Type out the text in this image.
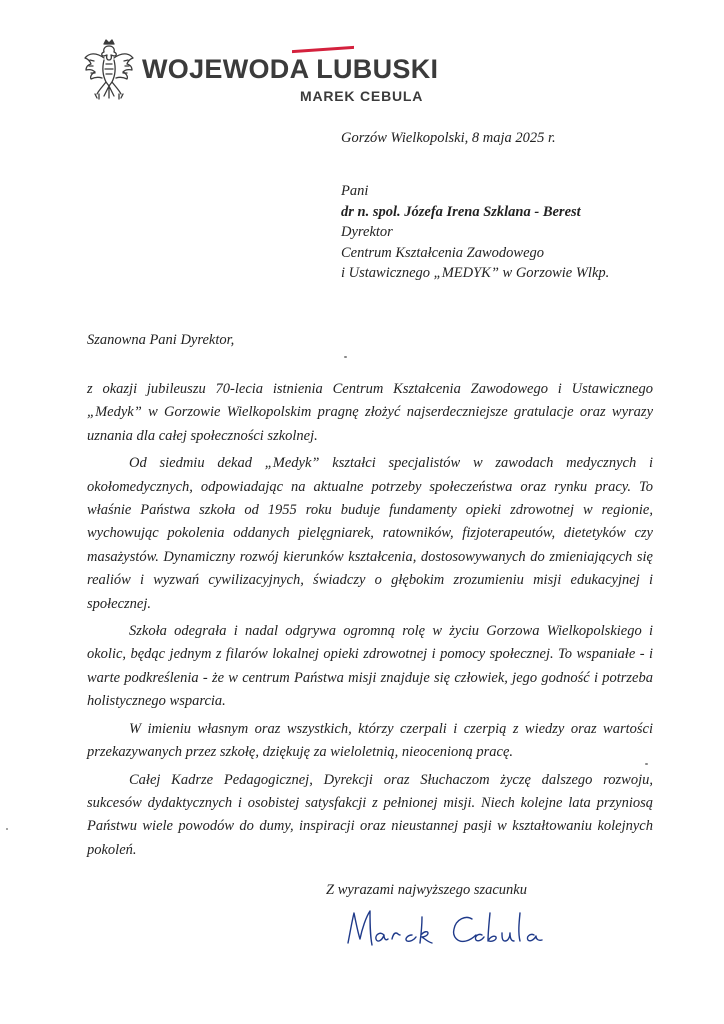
WOJEWODA LUBUSKI
MAREK CEBULA
Gorzów Wielkopolski, 8 maja 2025 r.
Pani
dr n. spol. Józefa Irena Szklana - Berest
Dyrektor
Centrum Kształcenia Zawodowego
i Ustawicznego „MEDYK” w Gorzowie Wlkp.
Szanowna Pani Dyrektor,

z okazji jubileuszu 70-lecia istnienia Centrum Kształcenia Zawodowego i Ustawicznego „Medyk” w Gorzowie Wielkopolskim pragnę złożyć najserdeczniejsze gratulacje oraz wyrazy uznania dla całej społeczności szkolnej.

Od siedmiu dekad „Medyk” kształci specjalistów w zawodach medycznych i okołomedycznych, odpowiadając na aktualne potrzeby społeczeństwa oraz rynku pracy. To właśnie Państwa szkoła od 1955 roku buduje fundamenty opieki zdrowotnej w regionie, wychowując pokolenia oddanych pielęgniarek, ratowników, fizjoterapeutów, dietetyków czy masażystów. Dynamiczny rozwój kierunków kształcenia, dostosowywanych do zmieniających się realiów i wyzwań cywilizacyjnych, świadczy o głębokim zrozumieniu misji edukacyjnej i społecznej.

Szkoła odegrała i nadal odgrywa ogromną rolę w życiu Gorzowa Wielkopolskiego i okolic, będąc jednym z filarów lokalnej opieki zdrowotnej i pomocy społecznej. To wspaniałe - i warte podkreślenia - że w centrum Państwa misji znajduje się człowiek, jego godność i potrzeba holistycznego wsparcia.

W imieniu własnym oraz wszystkich, którzy czerpali i czerpią z wiedzy oraz wartości przekazywanych przez szkołę, dziękuję za wieloletnią, nieocenioną pracę.

Całej Kadrze Pedagogicznej, Dyrekcji oraz Słuchaczom życzę dalszego rozwoju, sukcesów dydaktycznych i osobistej satysfakcji z pełnionej misji. Niech kolejne lata przyniosą Państwu wiele powodów do dumy, inspiracji oraz nieustannej pasji w kształtowaniu kolejnych pokoleń.

Z wyrazami najwyższego szacunku
